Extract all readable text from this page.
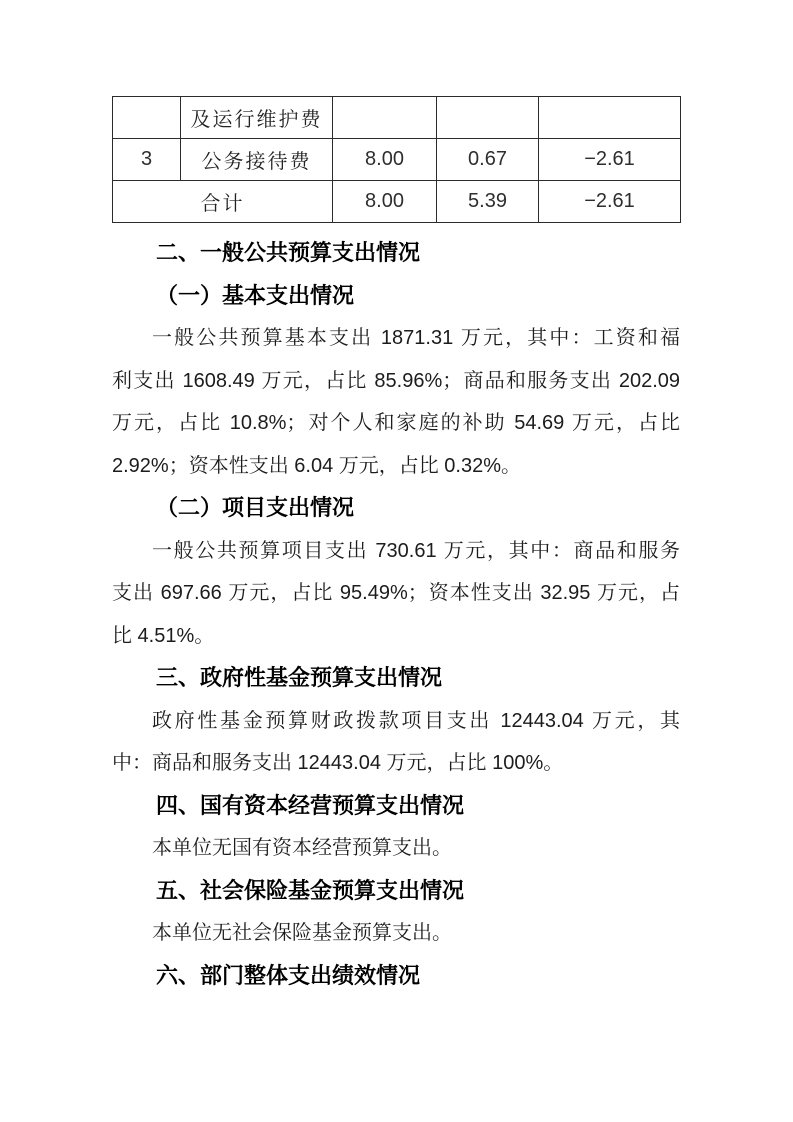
	及运行维护费			
3	公务接待费	8.00	0.67	−2.61
合计		8.00	5.39	−2.61
二、一般公共预算支出情况
（一）基本支出情况
一般公共预算基本支出 1871.31 万元，其中：工资和福
利支出 1608.49 万元，占比 85.96%；商品和服务支出 202.09
万元，占比 10.8%；对个人和家庭的补助 54.69 万元，占比
2.92%；资本性支出 6.04 万元，占比 0.32%。
（二）项目支出情况
一般公共预算项目支出 730.61 万元，其中：商品和服务
支出 697.66 万元，占比 95.49%；资本性支出 32.95 万元，占
比 4.51%。
三、政府性基金预算支出情况
政府性基金预算财政拨款项目支出 12443.04 万元，其
中：商品和服务支出 12443.04 万元，占比 100%。
四、国有资本经营预算支出情况
本单位无国有资本经营预算支出。
五、社会保险基金预算支出情况
本单位无社会保险基金预算支出。
六、部门整体支出绩效情况
